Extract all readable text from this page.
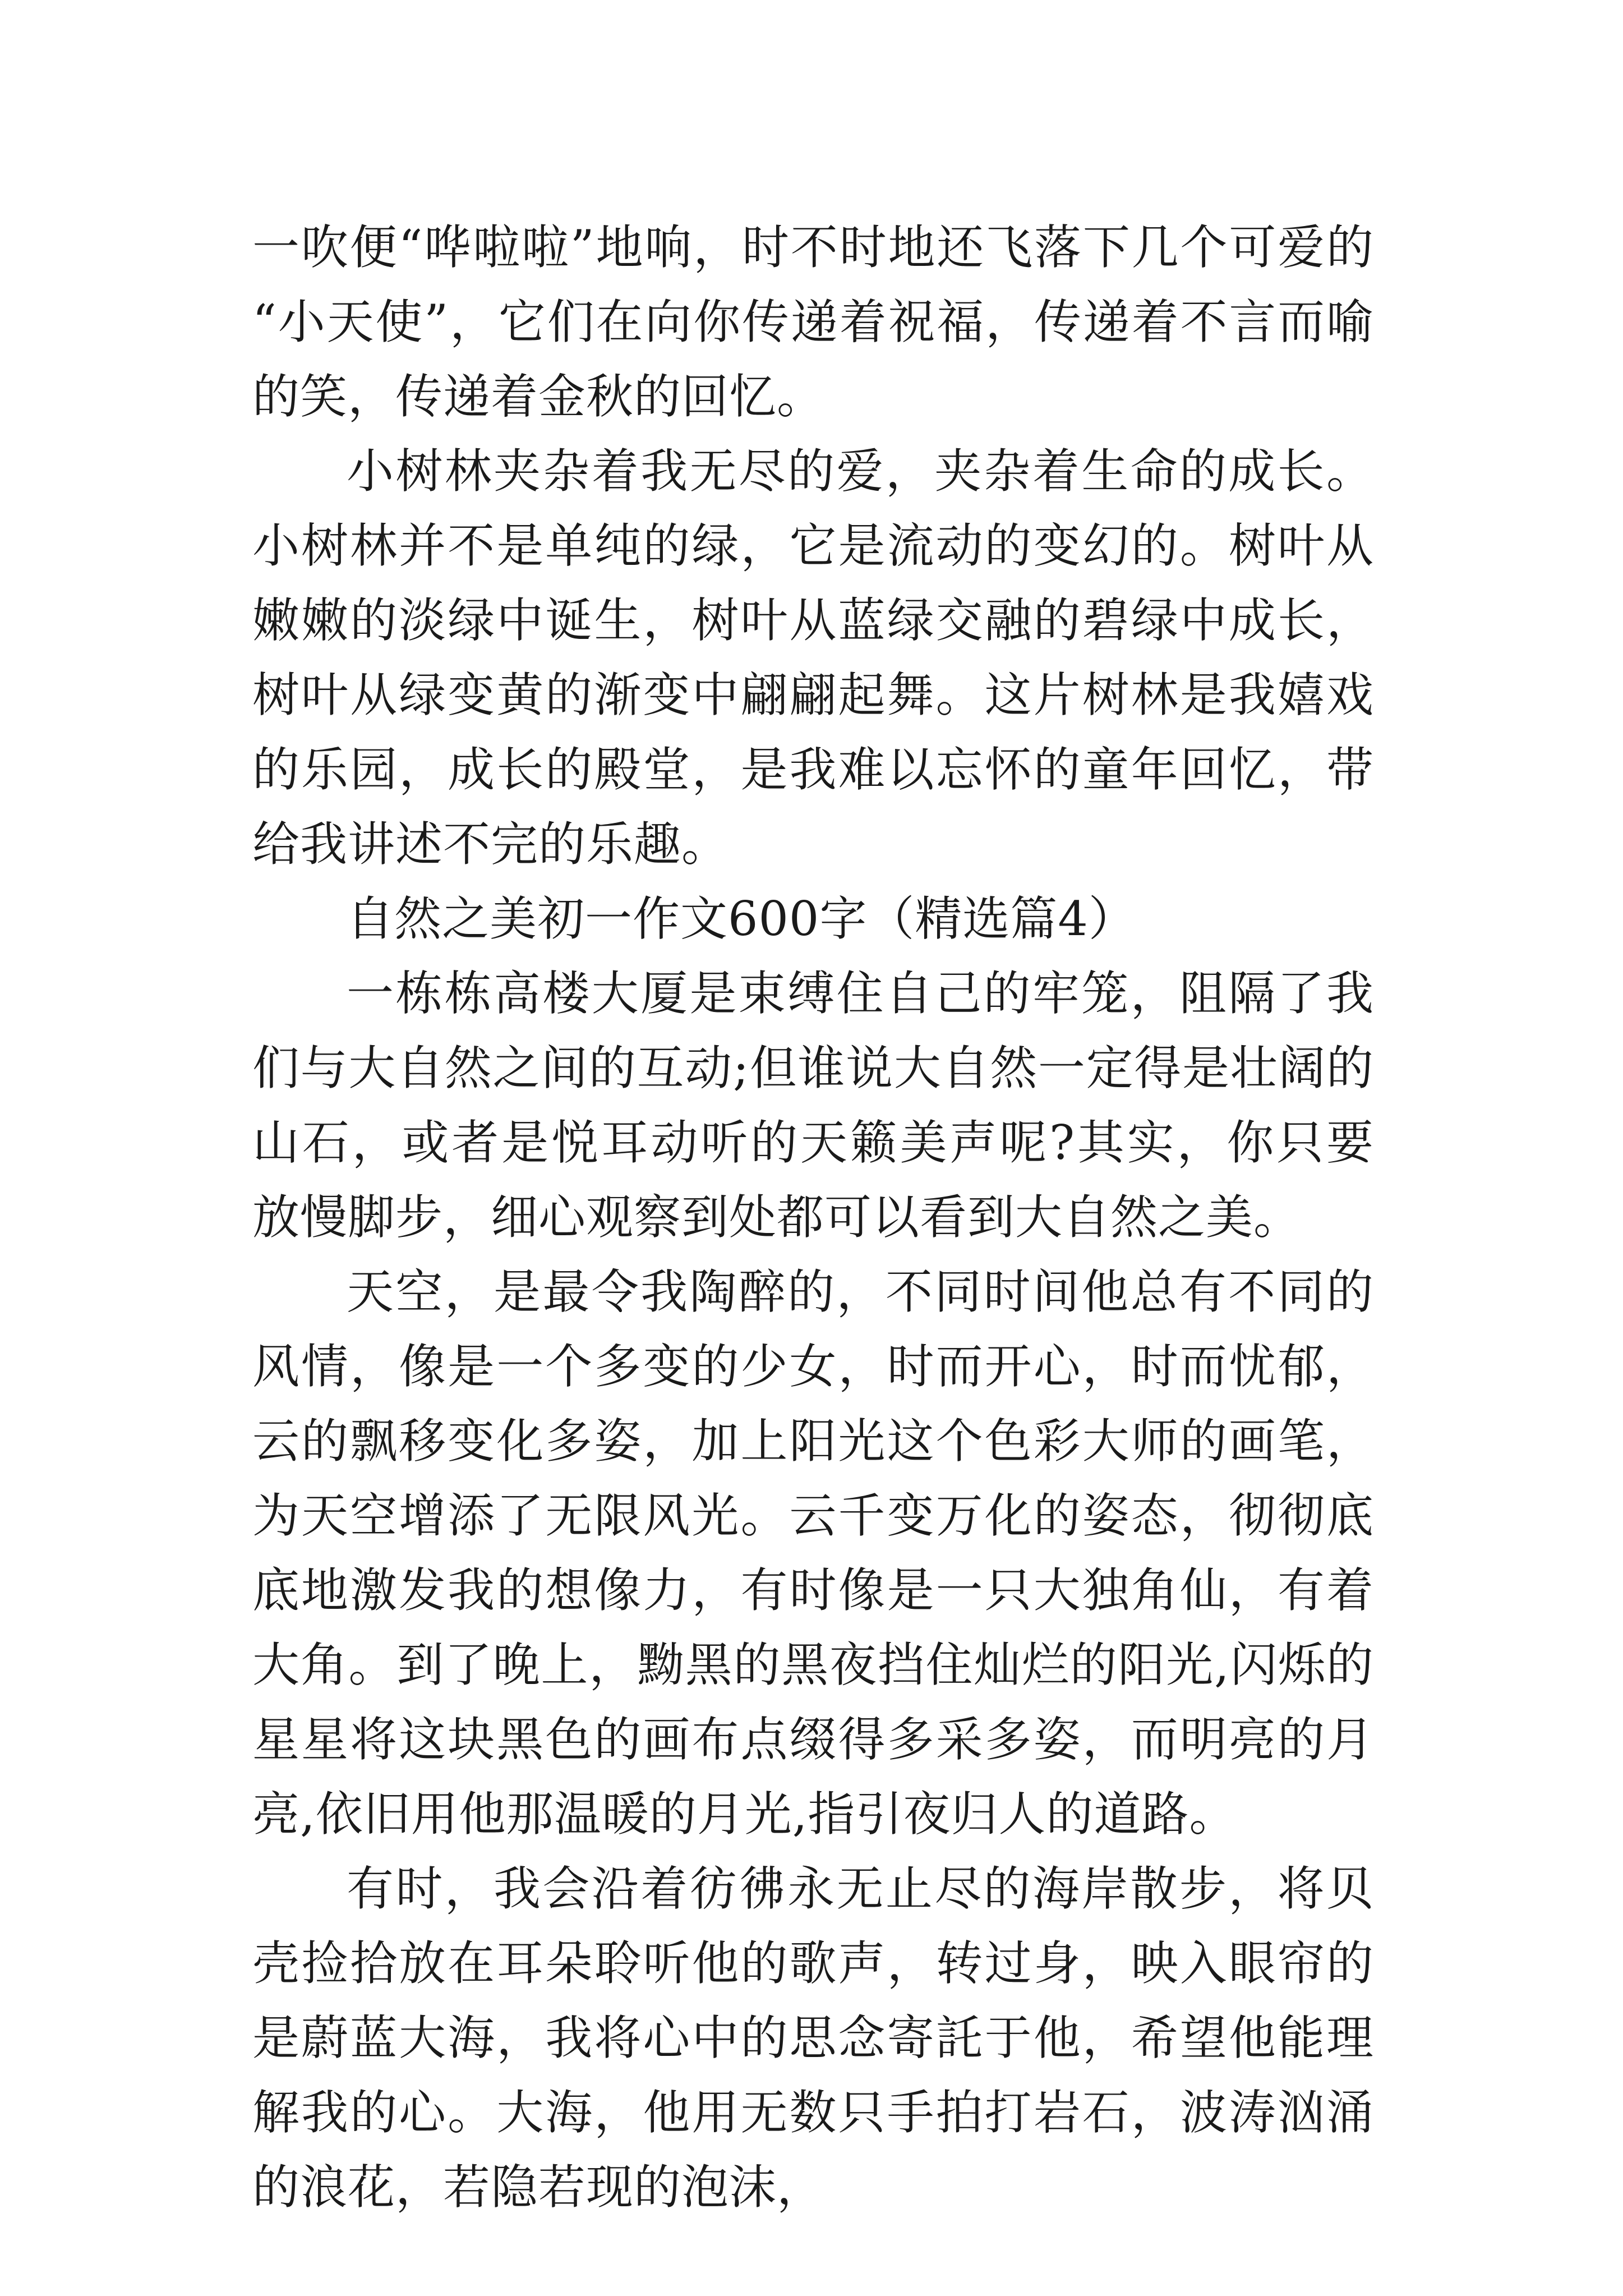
一吹便“哗啦啦”地响，时不时地还飞落下几个可爱的“小天使”，它们在向你传递着祝福，传递着不言而喻的笑，传递着金秋的回忆。

小树林夹杂着我无尽的爱，夹杂着生命的成长。小树林并不是单纯的绿，它是流动的变幻的。树叶从嫩嫩的淡绿中诞生，树叶从蓝绿交融的碧绿中成长，树叶从绿变黄的渐变中翩翩起舞。这片树林是我嬉戏的乐园，成长的殿堂，是我难以忘怀的童年回忆，带给我讲述不完的乐趣。

自然之美初一作文600字（精选篇4）

一栋栋高楼大厦是束缚住自己的牢笼，阻隔了我们与大自然之间的互动;但谁说大自然一定得是壮阔的山石，或者是悦耳动听的天籁美声呢?其实，你只要放慢脚步，细心观察到处都可以看到大自然之美。

天空，是最令我陶醉的，不同时间他总有不同的风情，像是一个多变的少女，时而开心，时而忧郁，云的飘移变化多姿，加上阳光这个色彩大师的画笔，为天空增添了无限风光。云千变万化的姿态，彻彻底底地激发我的想像力，有时像是一只大独角仙，有着大角。到了晚上，黝黑的黑夜挡住灿烂的阳光,闪烁的星星将这块黑色的画布点缀得多采多姿，而明亮的月亮,依旧用他那温暖的月光,指引夜归人的道路。

有时，我会沿着彷彿永无止尽的海岸散步，将贝壳捡拾放在耳朵聆听他的歌声，转过身，映入眼帘的是蔚蓝大海，我将心中的思念寄託于他，希望他能理解我的心。大海，他用无数只手拍打岩石，波涛汹涌的浪花，若隐若现的泡沫，
